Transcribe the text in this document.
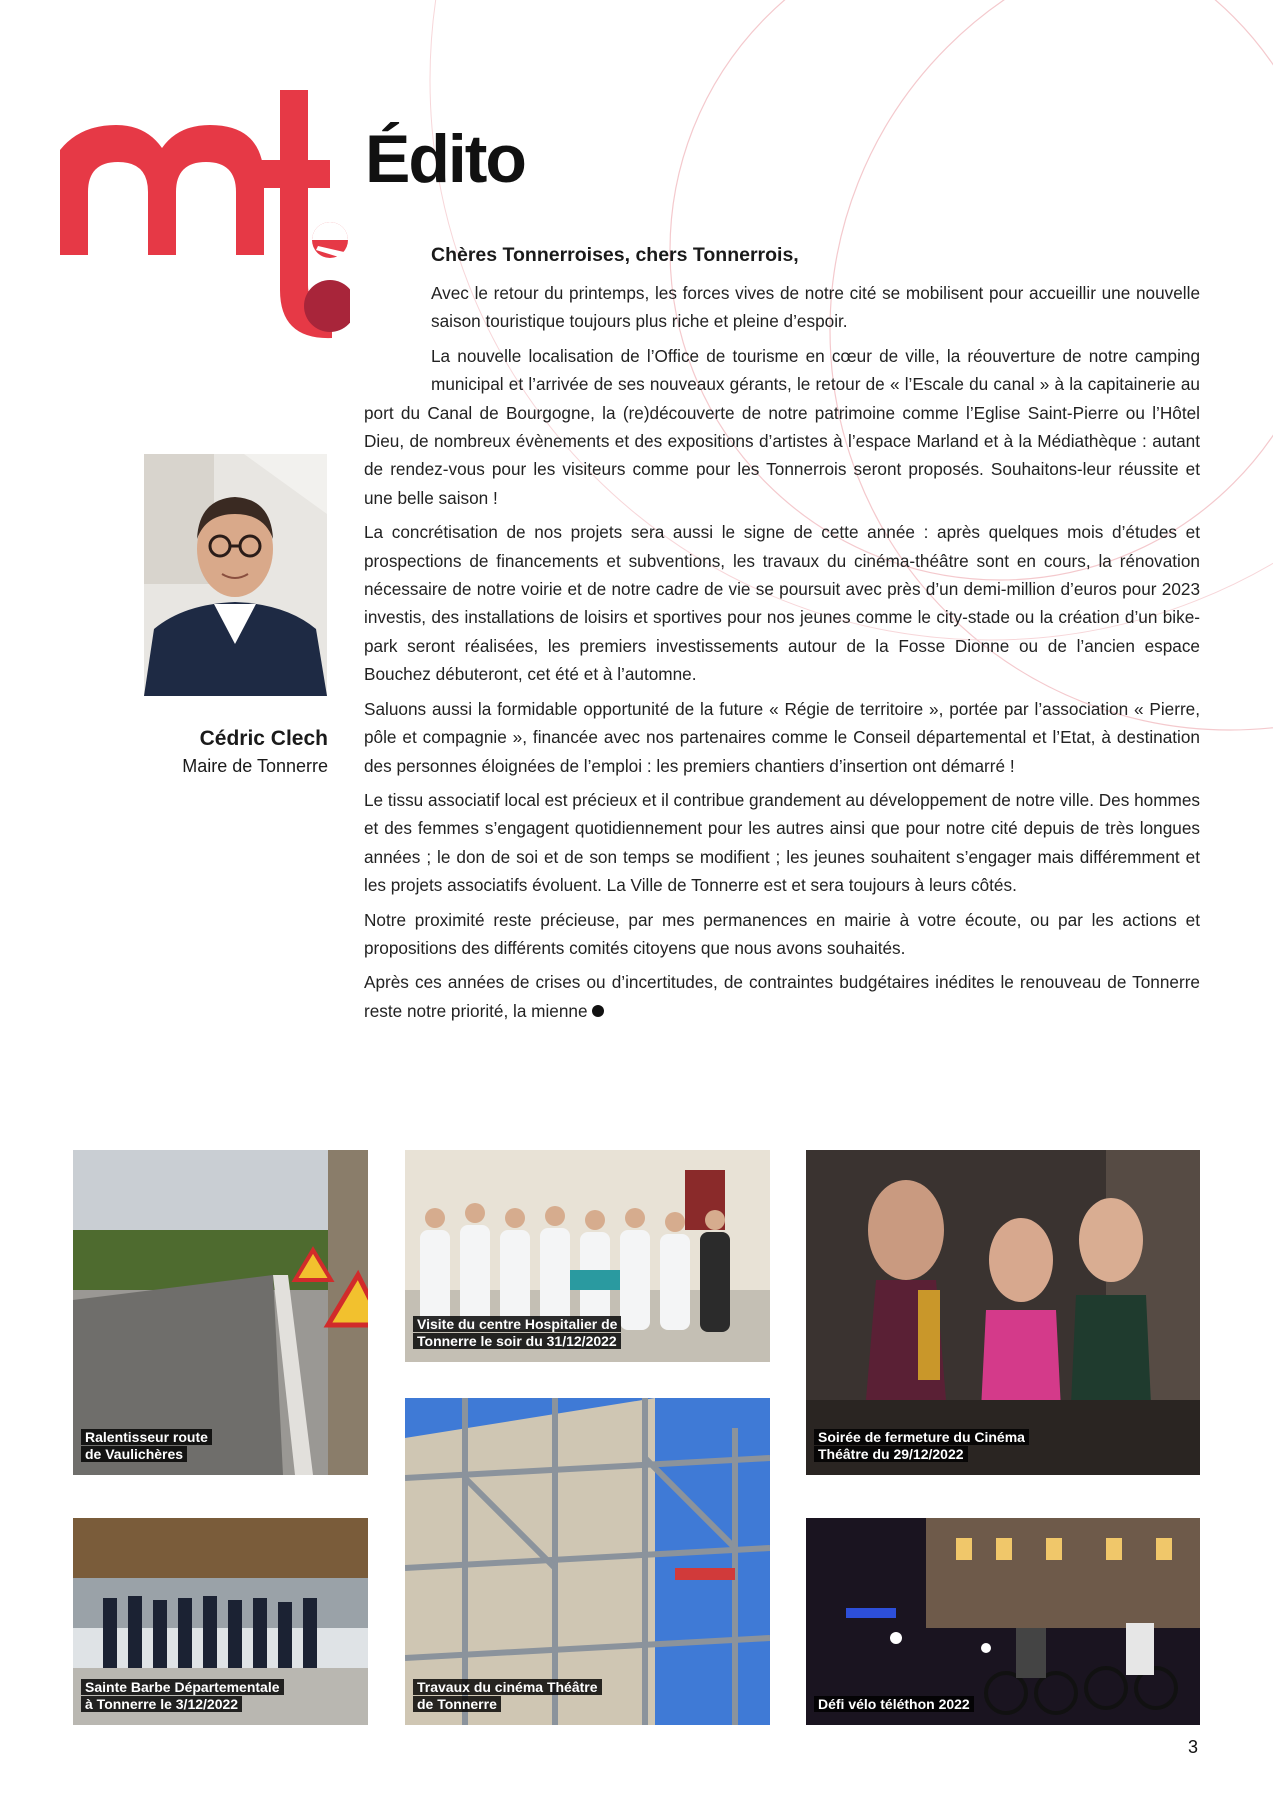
Édito
Cédric Clech
Maire de Tonnerre
Chères Tonnerroises, chers Tonnerrois,

Avec le retour du printemps, les forces vives de notre cité se mobilisent pour accueillir une nouvelle saison touristique toujours plus riche et pleine d’espoir.

La nouvelle localisation de l’Office de tourisme en cœur de ville, la réouverture de notre camping municipal et l’arrivée de ses nouveaux gérants, le retour de « l’Escale du canal » à la capitainerie au port du Canal de Bourgogne, la (re)découverte de notre patrimoine comme l’Eglise Saint-Pierre ou l’Hôtel Dieu, de nombreux évènements et des expositions d’artistes à l’espace Marland et à la Médiathèque : autant de rendez-vous pour les visiteurs comme pour les Tonnerrois seront proposés. Souhaitons-leur réussite et une belle saison !

La concrétisation de nos projets sera aussi le signe de cette année : après quelques mois d’études et prospections de financements et subventions, les travaux du cinéma-théâtre sont en cours, la rénovation nécessaire de notre voirie et de notre cadre de vie se poursuit avec près d’un demi-million d’euros pour 2023 investis, des installations de loisirs et sportives pour nos jeunes comme le city-stade ou la création d’un bike-park seront réalisées, les premiers investissements autour de la Fosse Dionne ou de l’ancien espace Bouchez débuteront, cet été et à l’automne.

Saluons aussi la formidable opportunité de la future « Régie de territoire », portée par l’association « Pierre, pôle et compagnie », financée avec nos partenaires comme le Conseil départemental et l’Etat, à destination des personnes éloignées de l’emploi : les premiers chantiers d’insertion ont démarré !

Le tissu associatif local est précieux et il contribue grandement au développement de notre ville. Des hommes et des femmes s’engagent quotidiennement pour les autres ainsi que pour notre cité depuis de très longues années ; le don de soi et de son temps se modifient ; les jeunes souhaitent s’engager mais différemment et les projets associatifs évoluent. La Ville de Tonnerre est et sera toujours à leurs côtés.

Notre proximité reste précieuse, par mes permanences en mairie à votre écoute, ou par les actions et propositions des différents comités citoyens que nous avons souhaités.

Après ces années de crises ou d’incertitudes, de contraintes budgétaires inédites le renouveau de Tonnerre reste notre priorité, la mienne

Ralentisseur route
de Vaulichères

Visite du centre Hospitalier de
Tonnerre le soir du 31/12/2022

Soirée de fermeture du Cinéma
Théâtre du 29/12/2022

Travaux du cinéma Théâtre
de Tonnerre

Sainte Barbe Départementale
à Tonnerre le 3/12/2022	Défi vélo téléthon 2022

3
